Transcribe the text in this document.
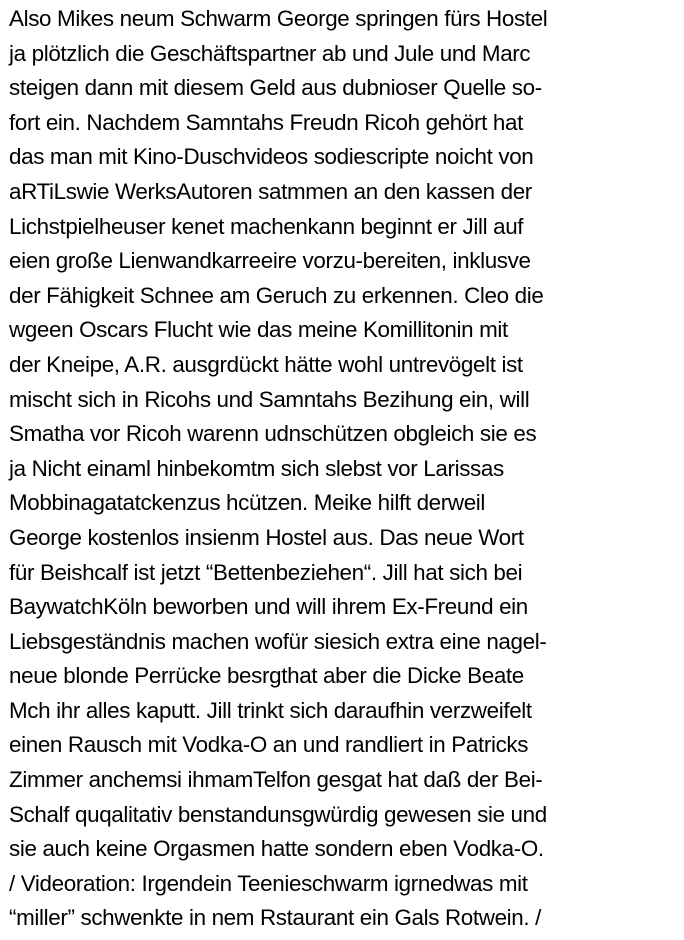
Also Mikes neum Schwarm George springen fürs Hostel
ja plötzlich die Geschäftspartner ab und Jule und Marc
steigen dann mit diesem Geld aus dubnioser Quelle so-
fort ein. Nachdem Samntahs Freudn Ricoh gehört hat
das man mit Kino-Duschvideos sodiescripte noicht von
aRTiLswie WerksAutoren satmmen an den kassen der
Lichstpielheuser kenet machenkann beginnt er Jill auf
eien große Lienwandkarreeire vorzu-bereiten, inklusve
der Fähigkeit Schnee am Geruch zu erkennen. Cleo die
wgeen Oscars Flucht wie das meine Komillitonin mit
der Kneipe, A.R. ausgrdückt hätte wohl untrevögelt ist
mischt sich in Ricohs und Samntahs Bezihung ein, will
Smatha vor Ricoh warenn udnschützen obgleich sie es
ja Nicht einaml hinbekomtm sich slebst vor Larissas
Mobbinagatatckenzus hcützen. Meike hilft derweil
George kostenlos insienm Hostel aus. Das neue Wort
für Beishcalf ist jetzt “Bettenbeziehen“. Jill hat sich bei
BaywatchKöln beworben und will ihrem Ex-Freund ein
Liebsgeständnis machen wofür siesich extra eine nagel-
neue blonde Perrücke besrgthat aber die Dicke Beate
Mch ihr alles kaputt. Jill trinkt sich daraufhin verzweifelt
einen Rausch mit Vodka-O an und randliert in Patricks
Zimmer anchemsi ihmamTelfon gesgat hat daß der Bei-
Schalf quqalitativ benstandunsgwürdig gewesen sie und
sie auch keine Orgasmen hatte sondern eben Vodka-O.
/ Videoration: Irgendein Teenieschwarm igrnedwas mit
“miller” schwenkte in nem Rstaurant ein Gals Rotwein. /
